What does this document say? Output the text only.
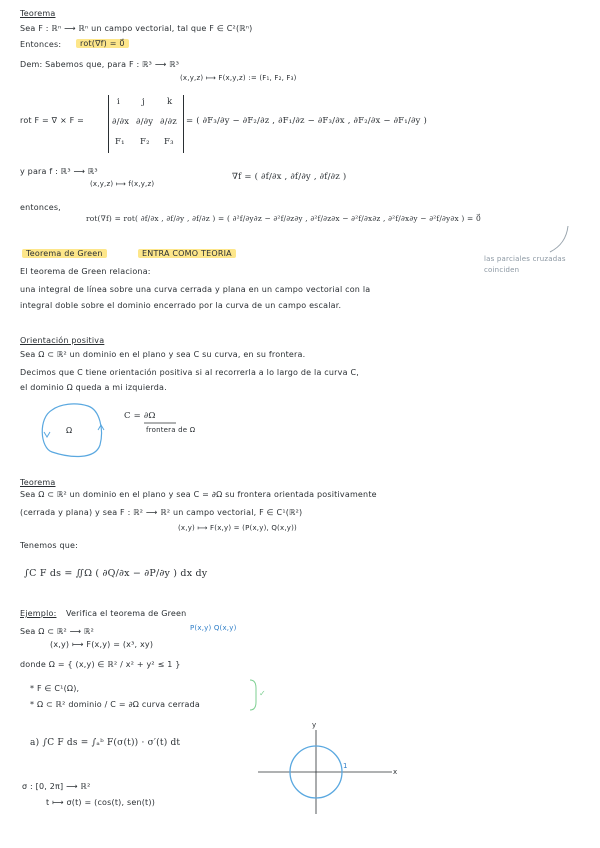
Teorema
Sea F : ℝⁿ ⟶ ℝⁿ un campo vectorial, tal que F ∈ C²(ℝⁿ)
Entonces:	rot(∇f) = 0⃗
Dem: Sabemos que, para F : ℝ³ ⟶ ℝ³
(x,y,z) ⟼ F(x,y,z) := (F₁, F₂, F₃)
rot F = ∇ × F =
i	j	k
∂/∂x ∂/∂y ∂/∂z
F₁ F₂ F₃
= ( ∂F₃/∂y − ∂F₂/∂z , ∂F₁/∂z − ∂F₃/∂x , ∂F₂/∂x − ∂F₁/∂y )
y para f : ℝ³ ⟶ ℝ³
(x,y,z) ⟼ f(x,y,z)
∇f = ( ∂f/∂x , ∂f/∂y , ∂f/∂z )
entonces,
rot(∇f) = rot( ∂f/∂x , ∂f/∂y , ∂f/∂z ) = ( ∂²f/∂y∂z − ∂²f/∂z∂y , ∂²f/∂z∂x − ∂²f/∂x∂z , ∂²f/∂x∂y − ∂²f/∂y∂x ) = 0⃗
las parciales cruzadas coinciden
Teorema de Green	ENTRA COMO TEORIA
El teorema de Green relaciona:
una integral de línea sobre una curva cerrada y plana en un campo vectorial con la
integral doble sobre el dominio encerrado por la curva de un campo escalar.
Orientación positiva
Sea Ω ⊂ ℝ² un dominio en el plano y sea C su curva, en su frontera.
Decimos que C tiene orientación positiva si al recorrerla a lo largo de la curva C,
el dominio Ω queda a mi izquierda.
Ω
C = ∂Ω
frontera de Ω
Teorema
Sea Ω ⊂ ℝ² un dominio en el plano y sea C = ∂Ω su frontera orientada positivamente
(cerrada y plana) y sea F : ℝ² ⟶ ℝ² un campo vectorial, F ∈ C¹(ℝ²)
(x,y) ⟼ F(x,y) = (P(x,y), Q(x,y))
Tenemos que:
∫C F ds = ∬Ω ( ∂Q/∂x − ∂P/∂y ) dx dy
Ejemplo: Verifica el teorema de Green
Sea Ω ⊂ ℝ² ⟶ ℝ²	P(x,y) Q(x,y)
(x,y) ⟼ F(x,y) = (x³, xy)
donde Ω = { (x,y) ∈ ℝ² / x² + y² ≤ 1 }
* F ∈ C¹(Ω),
* Ω ⊂ ℝ² dominio / C = ∂Ω curva cerrada
✓
a) ∫C F ds = ∫ₐᵇ F(σ(t)) · σ′(t) dt
σ : [0, 2π] ⟶ ℝ²
t ⟼ σ(t) = (cos(t), sen(t))
y
x
1
